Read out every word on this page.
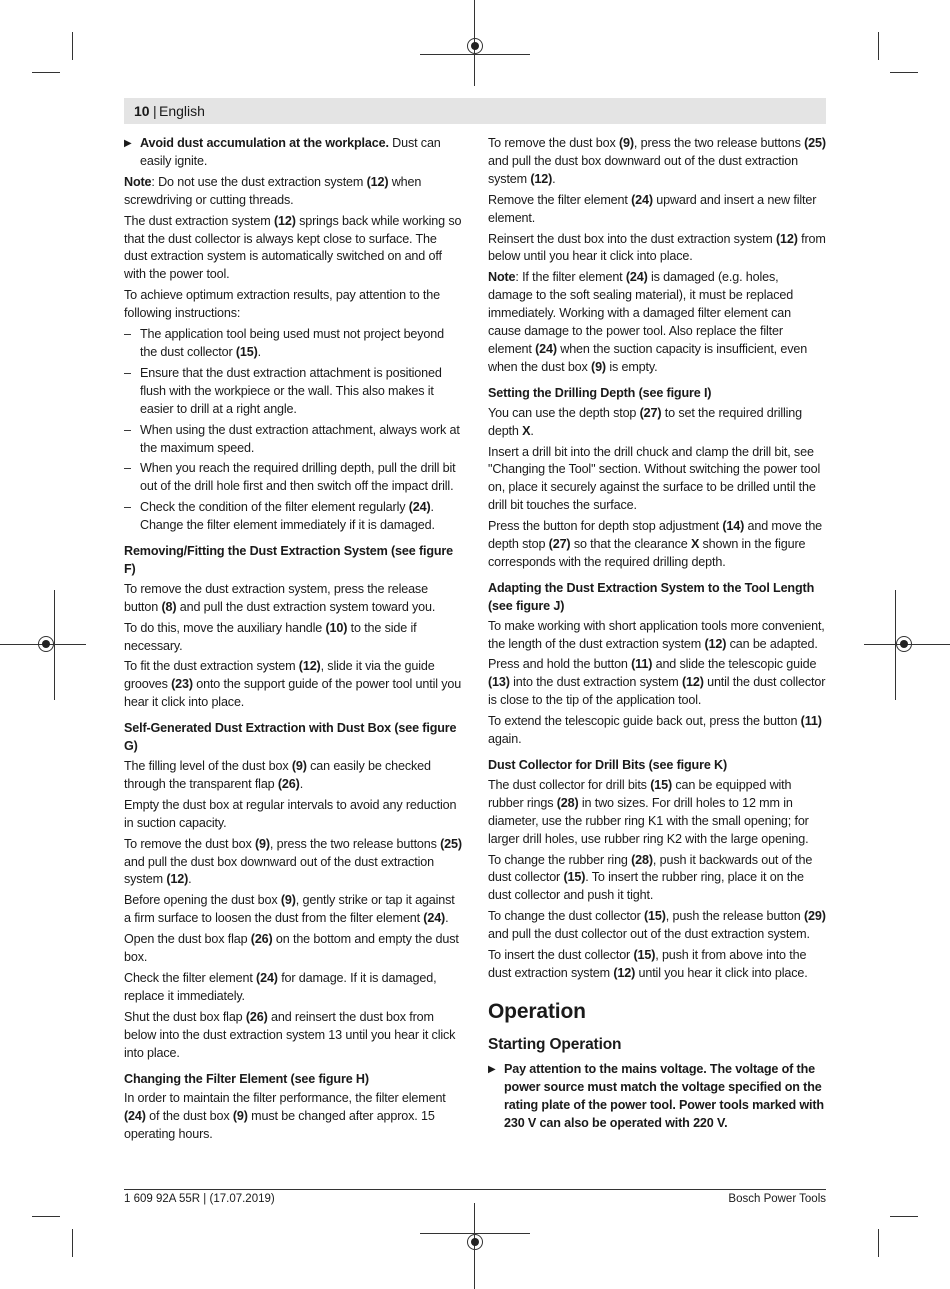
10 | English

▶ Avoid dust accumulation at the workplace. Dust can easily ignite.

Note: Do not use the dust extraction system (12) when screwdriving or cutting threads.

The dust extraction system (12) springs back while working so that the dust collector is always kept close to surface. The dust extraction system is automatically switched on and off with the power tool.

To achieve optimum extraction results, pay attention to the following instructions:

– The application tool being used must not project beyond the dust collector (15).

– Ensure that the dust extraction attachment is positioned flush with the workpiece or the wall. This also makes it easier to drill at a right angle.

– When using the dust extraction attachment, always work at the maximum speed.

– When you reach the required drilling depth, pull the drill bit out of the drill hole first and then switch off the impact drill.

– Check the condition of the filter element regularly (24). Change the filter element immediately if it is damaged.

Removing/Fitting the Dust Extraction System (see figure F)

To remove the dust extraction system, press the release button (8) and pull the dust extraction system toward you.

To do this, move the auxiliary handle (10) to the side if necessary.

To fit the dust extraction system (12), slide it via the guide grooves (23) onto the support guide of the power tool until you hear it click into place.

Self-Generated Dust Extraction with Dust Box (see figure G)

The filling level of the dust box (9) can easily be checked through the transparent flap (26).

Empty the dust box at regular intervals to avoid any reduction in suction capacity.

To remove the dust box (9), press the two release buttons (25) and pull the dust box downward out of the dust extraction system (12).

Before opening the dust box (9), gently strike or tap it against a firm surface to loosen the dust from the filter element (24).

Open the dust box flap (26) on the bottom and empty the dust box.

Check the filter element (24) for damage. If it is damaged, replace it immediately.

Shut the dust box flap (26) and reinsert the dust box from below into the dust extraction system 13 until you hear it click into place.

Changing the Filter Element (see figure H)

In order to maintain the filter performance, the filter element (24) of the dust box (9) must be changed after approx. 15 operating hours.

To remove the dust box (9), press the two release buttons (25) and pull the dust box downward out of the dust extraction system (12).

Remove the filter element (24) upward and insert a new filter element.

Reinsert the dust box into the dust extraction system (12) from below until you hear it click into place.

Note: If the filter element (24) is damaged (e.g. holes, damage to the soft sealing material), it must be replaced immediately. Working with a damaged filter element can cause damage to the power tool. Also replace the filter element (24) when the suction capacity is insufficient, even when the dust box (9) is empty.

Setting the Drilling Depth (see figure I)

You can use the depth stop (27) to set the required drilling depth X.

Insert a drill bit into the drill chuck and clamp the drill bit, see "Changing the Tool" section. Without switching the power tool on, place it securely against the surface to be drilled until the drill bit touches the surface.

Press the button for depth stop adjustment (14) and move the depth stop (27) so that the clearance X shown in the figure corresponds with the required drilling depth.

Adapting the Dust Extraction System to the Tool Length (see figure J)

To make working with short application tools more convenient, the length of the dust extraction system (12) can be adapted.

Press and hold the button (11) and slide the telescopic guide (13) into the dust extraction system (12) until the dust collector is close to the tip of the application tool.

To extend the telescopic guide back out, press the button (11) again.

Dust Collector for Drill Bits (see figure K)

The dust collector for drill bits (15) can be equipped with rubber rings (28) in two sizes. For drill holes to 12 mm in diameter, use the rubber ring K1 with the small opening; for larger drill holes, use rubber ring K2 with the large opening.

To change the rubber ring (28), push it backwards out of the dust collector (15). To insert the rubber ring, place it on the dust collector and push it tight.

To change the dust collector (15), push the release button (29) and pull the dust collector out of the dust extraction system.

To insert the dust collector (15), push it from above into the dust extraction system (12) until you hear it click into place.

Operation
Starting Operation

▶ Pay attention to the mains voltage. The voltage of the power source must match the voltage specified on the rating plate of the power tool. Power tools marked with 230 V can also be operated with 220 V.

1 609 92A 55R | (17.07.2019)	Bosch Power Tools
